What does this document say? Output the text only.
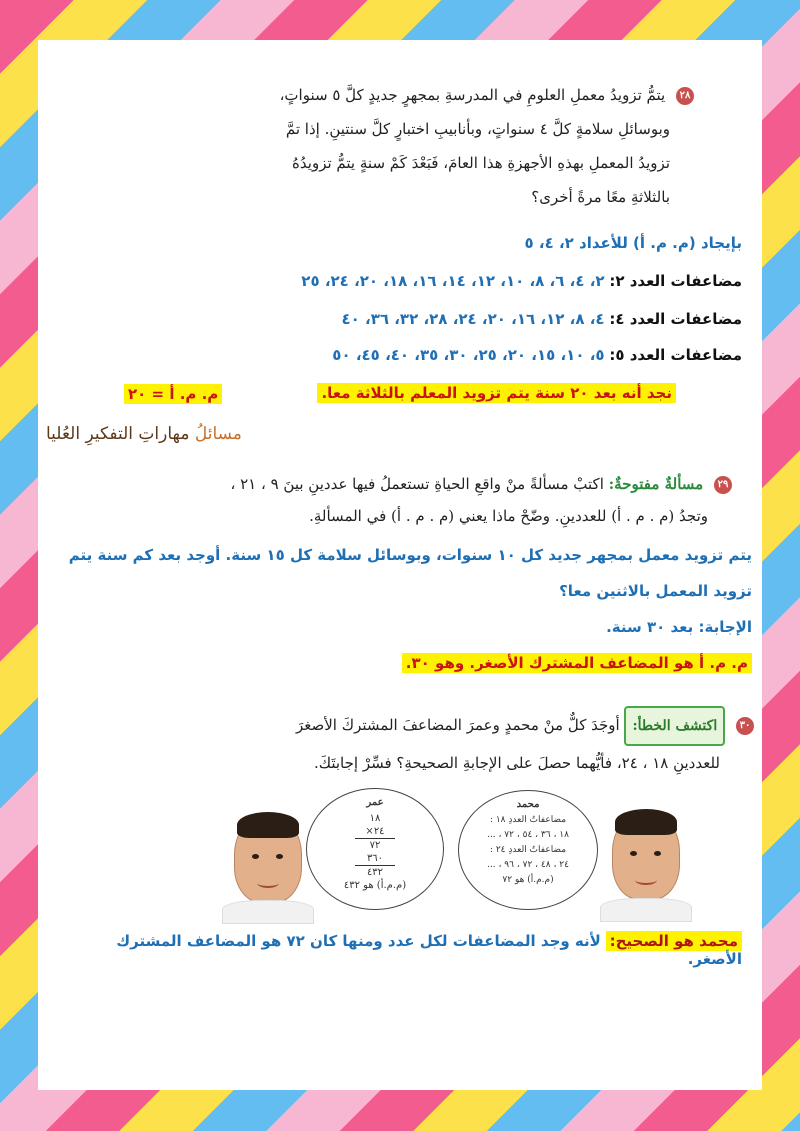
٢٨ يتمُّ تزويدُ معملِ العلومِ في المدرسةِ بمجهرٍ جديدٍ كلَّ ٥ سنواتٍ،
وبوسائلِ سلامةٍ كلَّ ٤ سنواتٍ، وبأنابيبِ اختبارٍ كلَّ سنتينِ. إذا تمَّ
تزويدُ المعملِ بهذهِ الأجهزةِ هذا العامَ، فَبَعْدَ كَمْ سنةٍ يتمُّ تزويدُهُ
بالثلاثةِ معًا مرةً أخرى؟
بإيجاد (م. م. أ) للأعداد ٢، ٤، ٥
مضاعفات العدد ٢: ٢، ٤، ٦، ٨، ١٠، ١٢، ١٤، ١٦، ١٨، ٢٠، ٢٤، ٢٥
مضاعفات العدد ٤: ٤، ٨، ١٢، ١٦، ٢٠، ٢٤، ٢٨، ٣٢، ٣٦، ٤٠
مضاعفات العدد ٥: ٥، ١٠، ١٥، ٢٠، ٢٥، ٣٠، ٣٥، ٤٠، ٤٥، ٥٠
نجد أنه بعد ٢٠ سنة يتم تزويد المعلم بالثلاثة معا.
م. م. أ = ٢٠
مسائلُ مهاراتِ التفكيرِ العُليا
٢٩ مسألةٌ مفتوحةٌ: اكتبْ مسألةً منْ واقعِ الحياةِ تستعملُ فيها عددينِ بينَ ٩ ، ٢١ ،
وتجدُ (م . م . أ) للعددينِ. وضّحْ ماذا يعني (م . م . أ) في المسألةِ.
يتم تزويد معمل بمجهر جديد كل ١٠ سنوات، وبوسائل سلامة كل ١٥ سنة. أوجد بعد كم سنة يتم
تزويد المعمل بالاثنين معا؟
الإجابة: بعد ٣٠ سنة.
م. م. أ هو المضاعف المشترك الأصغر. وهو ٣٠.
٣٠ اكتشف الخطأ: أوجَدَ كلٌّ منْ محمدٍ وعمرَ المضاعفَ المشتركَ الأصغرَ
للعددينِ ١٨ ، ٢٤، فأيُّهما حصلَ على الإجابةِ الصحيحةِ؟ فسِّرْ إجابتَكَ.
عمر
١٨
٢٤×
٧٢
٣٦٠
٤٣٢
(م.م.أ) هو ٤٣٢
محمد
مضاعفاتُ العددِ ١٨ :
١٨ ، ٣٦ ، ٥٤ ، ٧٢ ، ...
مضاعفاتُ العددِ ٢٤ :
٢٤ ، ٤٨ ، ٧٢ ، ٩٦ ، ...
(م.م.أ) هو ٧٢
محمد هو الصحيح: لأنه وجد المضاعفات لكل عدد ومنها كان ٧٢ هو المضاعف المشترك الأصغر.
